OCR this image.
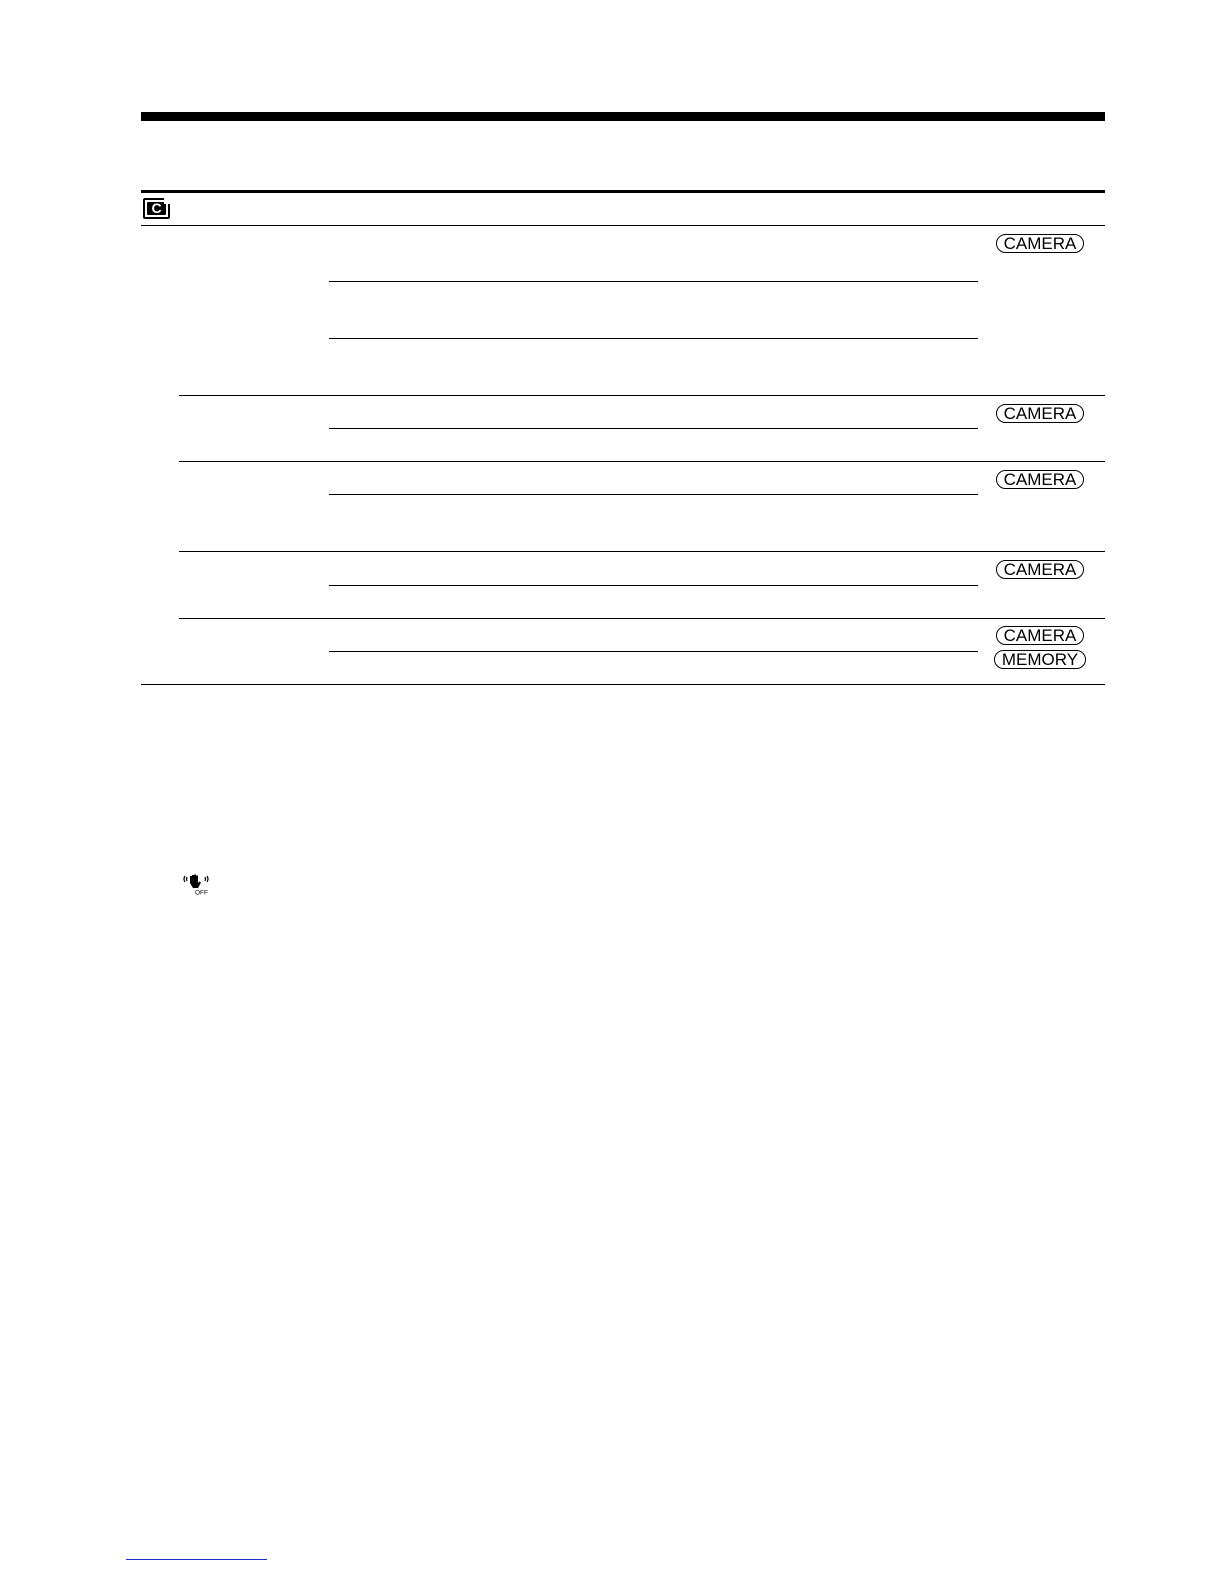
C
CAMERA
CAMERA
CAMERA
CAMERA
CAMERA
MEMORY
OFF
